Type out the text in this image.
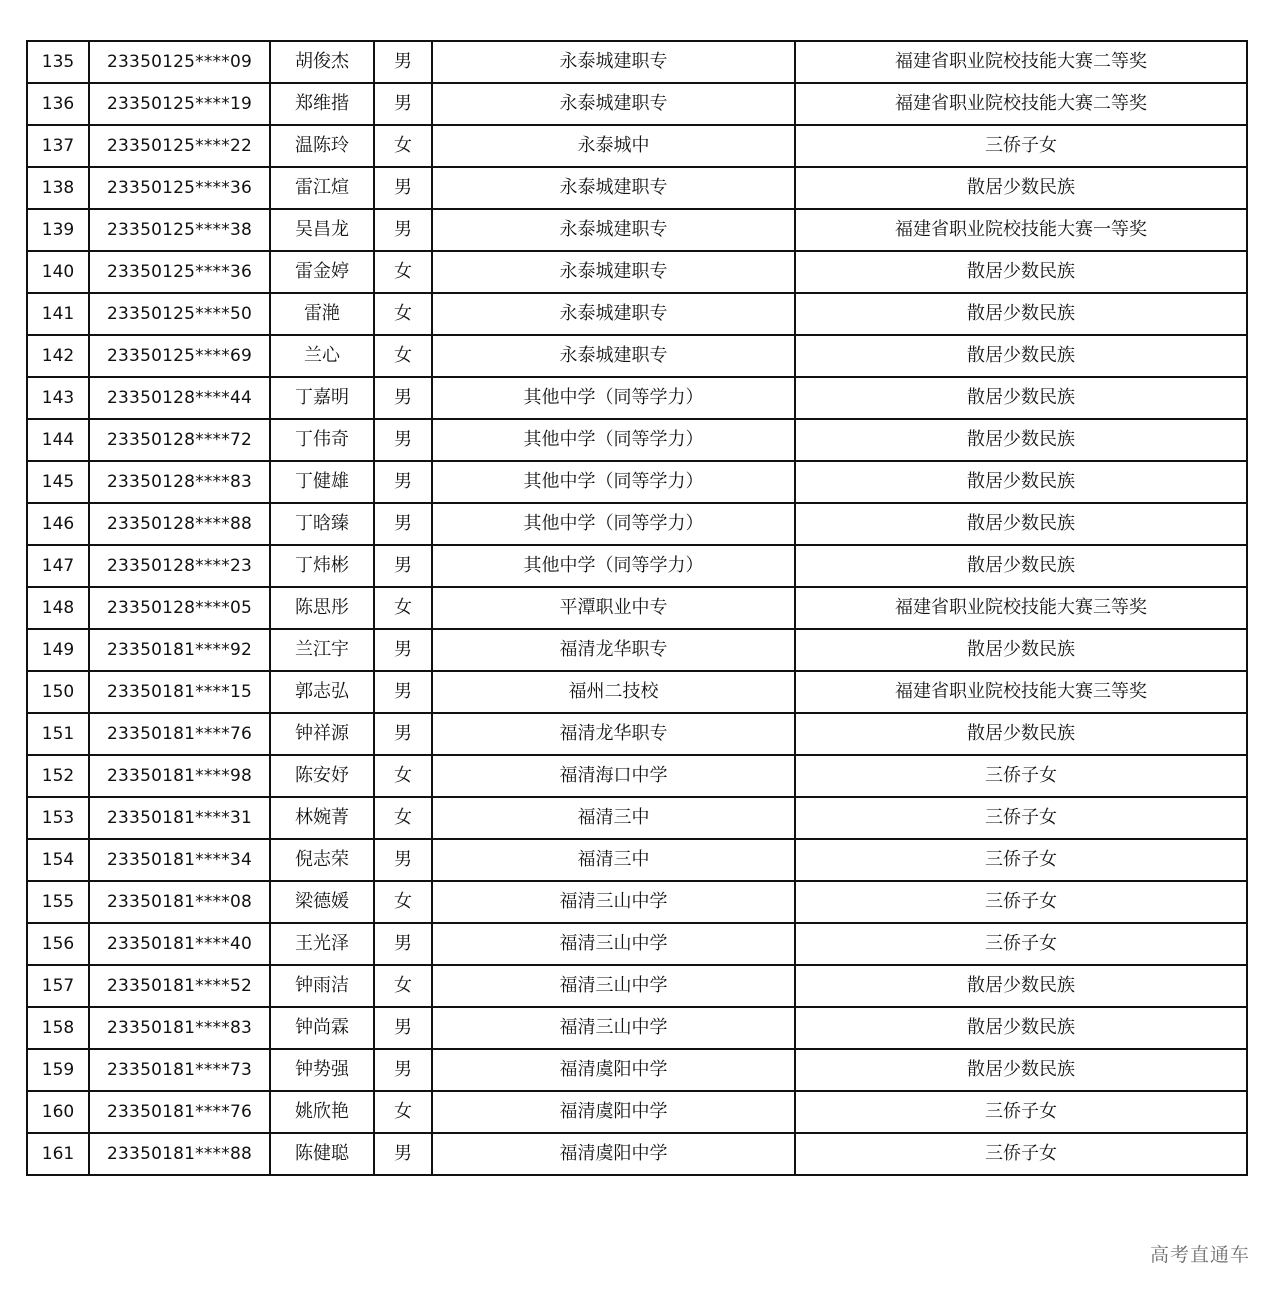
135	23350125****09	胡俊杰	男	永泰城建职专	福建省职业院校技能大赛二等奖
136	23350125****19	郑维揩	男	永泰城建职专	福建省职业院校技能大赛二等奖
137	23350125****22	温陈玲	女	永泰城中	三侨子女
138	23350125****36	雷江煊	男	永泰城建职专	散居少数民族
139	23350125****38	吴昌龙	男	永泰城建职专	福建省职业院校技能大赛一等奖
140	23350125****36	雷金婷	女	永泰城建职专	散居少数民族
141	23350125****50	雷滟	女	永泰城建职专	散居少数民族
142	23350125****69	兰心	女	永泰城建职专	散居少数民族
143	23350128****44	丁嘉明	男	其他中学（同等学力）	散居少数民族
144	23350128****72	丁伟奇	男	其他中学（同等学力）	散居少数民族
145	23350128****83	丁健雄	男	其他中学（同等学力）	散居少数民族
146	23350128****88	丁晗臻	男	其他中学（同等学力）	散居少数民族
147	23350128****23	丁炜彬	男	其他中学（同等学力）	散居少数民族
148	23350128****05	陈思彤	女	平潭职业中专	福建省职业院校技能大赛三等奖
149	23350181****92	兰江宇	男	福清龙华职专	散居少数民族
150	23350181****15	郭志弘	男	福州二技校	福建省职业院校技能大赛三等奖
151	23350181****76	钟祥源	男	福清龙华职专	散居少数民族
152	23350181****98	陈安妤	女	福清海口中学	三侨子女
153	23350181****31	林婉菁	女	福清三中	三侨子女
154	23350181****34	倪志荣	男	福清三中	三侨子女
155	23350181****08	梁德媛	女	福清三山中学	三侨子女
156	23350181****40	王光泽	男	福清三山中学	三侨子女
157	23350181****52	钟雨洁	女	福清三山中学	散居少数民族
158	23350181****83	钟尚霖	男	福清三山中学	散居少数民族
159	23350181****73	钟势强	男	福清虞阳中学	散居少数民族
160	23350181****76	姚欣艳	女	福清虞阳中学	三侨子女
161	23350181****88	陈健聪	男	福清虞阳中学	三侨子女
高考直通车
